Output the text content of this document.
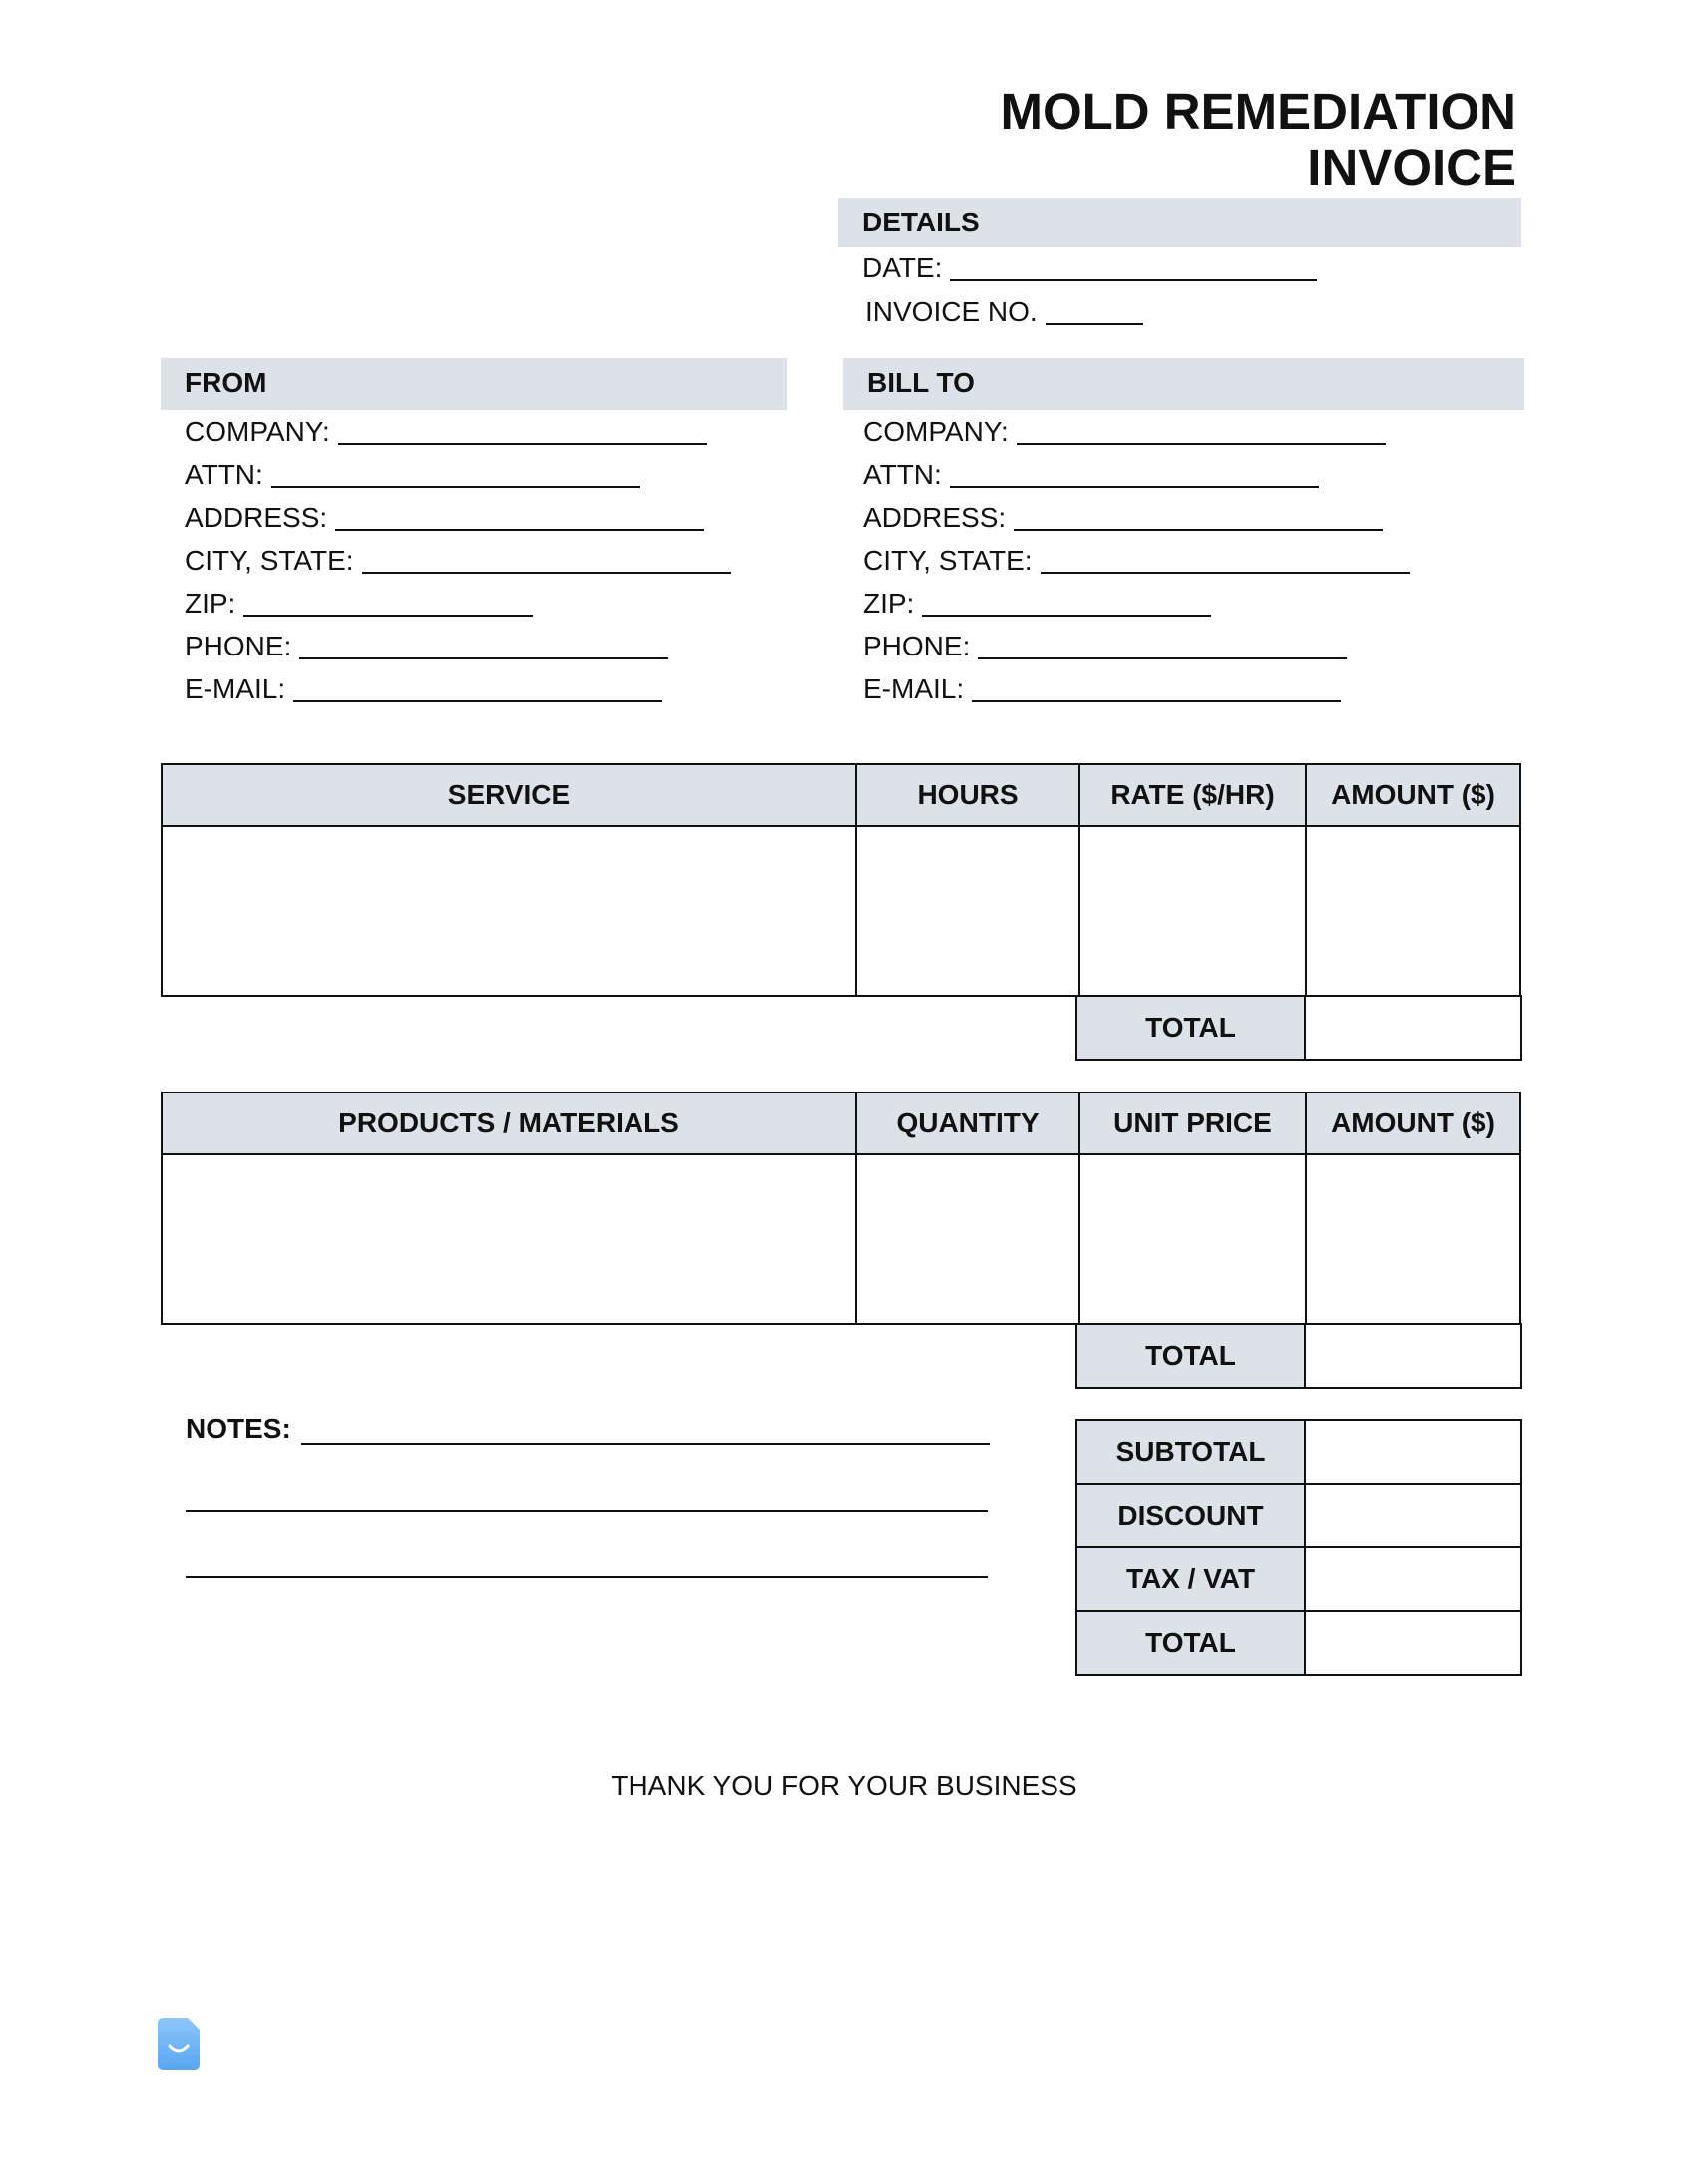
MOLD REMEDIATION
INVOICE
DETAILS
DATE:
INVOICE NO.
FROM	BILL TO
COMPANY:
ATTN:
ADDRESS:
CITY, STATE:
ZIP:
PHONE:
E-MAIL:
COMPANY:
ATTN:
ADDRESS:
CITY, STATE:
ZIP:
PHONE:
E-MAIL:
SERVICE	HOURS	RATE ($/HR)	AMOUNT ($)

TOTAL	
PRODUCTS / MATERIALS	QUANTITY	UNIT PRICE	AMOUNT ($)

TOTAL	
NOTES:
SUBTOTAL	
DISCOUNT	
TAX / VAT	
TOTAL	
THANK YOU FOR YOUR BUSINESS
